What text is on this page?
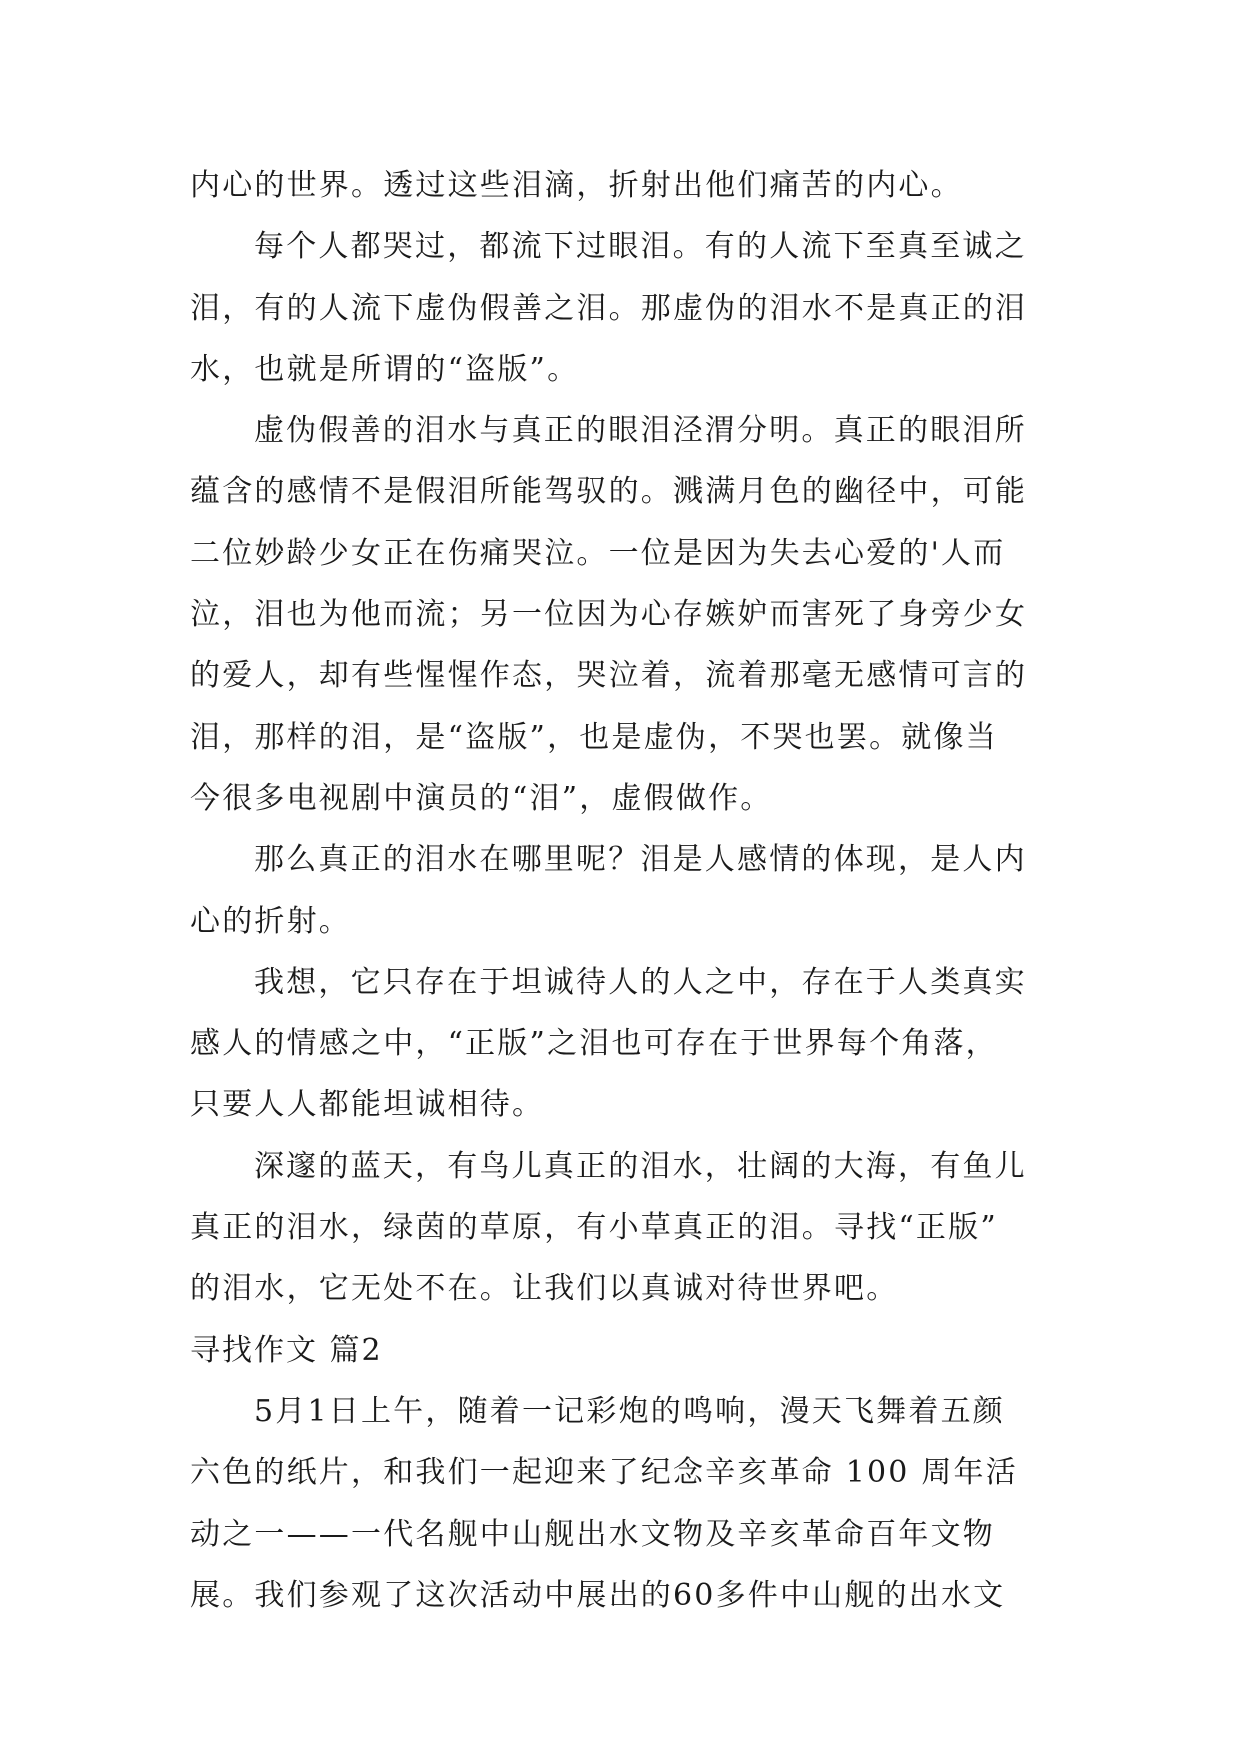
内心的世界。透过这些泪滴，折射出他们痛苦的内心。
每个人都哭过，都流下过眼泪。有的人流下至真至诚之
泪，有的人流下虚伪假善之泪。那虚伪的泪水不是真正的泪
水，也就是所谓的“盗版”。
虚伪假善的泪水与真正的眼泪泾渭分明。真正的眼泪所
蕴含的感情不是假泪所能驾驭的。溅满月色的幽径中，可能
二位妙龄少女正在伤痛哭泣。一位是因为失去心爱的'人而
泣，泪也为他而流；另一位因为心存嫉妒而害死了身旁少女
的爱人，却有些惺惺作态，哭泣着，流着那毫无感情可言的
泪，那样的泪，是“盗版”，也是虚伪，不哭也罢。就像当
今很多电视剧中演员的“泪”，虚假做作。
那么真正的泪水在哪里呢？泪是人感情的体现，是人内
心的折射。
我想，它只存在于坦诚待人的人之中，存在于人类真实
感人的情感之中，“正版”之泪也可存在于世界每个角落，
只要人人都能坦诚相待。
深邃的蓝天，有鸟儿真正的泪水，壮阔的大海，有鱼儿
真正的泪水，绿茵的草原，有小草真正的泪。寻找“正版”
的泪水，它无处不在。让我们以真诚对待世界吧。
寻找作文 篇2
5月1日上午，随着一记彩炮的鸣响，漫天飞舞着五颜
六色的纸片，和我们一起迎来了纪念辛亥革命 100 周年活
动之一——一代名舰中山舰出水文物及辛亥革命百年文物
展。我们参观了这次活动中展出的60多件中山舰的出水文
